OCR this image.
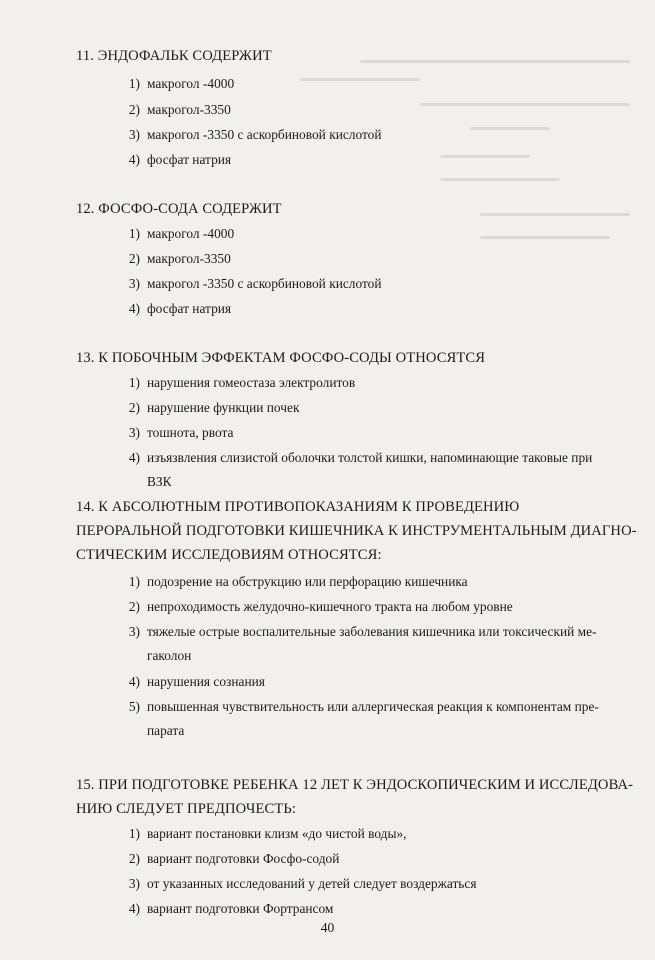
11. ЭНДОФАЛЬК СОДЕРЖИТ
1) макрогол -4000
2) макрогол-3350
3) макрогол -3350 с аскорбиновой кислотой
4) фосфат натрия
12. ФОСФО-СОДА СОДЕРЖИТ
1) макрогол -4000
2) макрогол-3350
3) макрогол -3350 с аскорбиновой кислотой
4) фосфат натрия
13. К ПОБОЧНЫМ ЭФФЕКТАМ ФОСФО-СОДЫ ОТНОСЯТСЯ
1) нарушения гомеостаза электролитов
2) нарушение функции почек
3) тошнота, рвота
4) изъязвления слизистой оболочки толстой кишки, напоминающие таковые при
ВЗК
14. К АБСОЛЮТНЫМ ПРОТИВОПОКАЗАНИЯМ К ПРОВЕДЕНИЮ
ПЕРОРАЛЬНОЙ ПОДГОТОВКИ КИШЕЧНИКА К ИНСТРУМЕНТАЛЬНЫМ ДИАГНО-
СТИЧЕСКИМ ИССЛЕДОВИЯМ ОТНОСЯТСЯ:
1) подозрение на обструкцию или перфорацию кишечника
2) непроходимость желудочно-кишечного тракта на любом уровне
3) тяжелые острые воспалительные заболевания кишечника или токсический ме-
гаколон
4) нарушения сознания
5) повышенная чувствительность или аллергическая реакция к компонентам пре-
парата
15. ПРИ ПОДГОТОВКЕ РЕБЕНКА 12 ЛЕТ К ЭНДОСКОПИЧЕСКИМ И ИССЛЕДОВА-
НИЮ СЛЕДУЕТ ПРЕДПОЧЕСТЬ:
1) вариант постановки клизм «до чистой воды»,
2) вариант подготовки Фосфо-содой
3) от указанных исследований у детей следует воздержаться
4) вариант подготовки Фортрансом
40
